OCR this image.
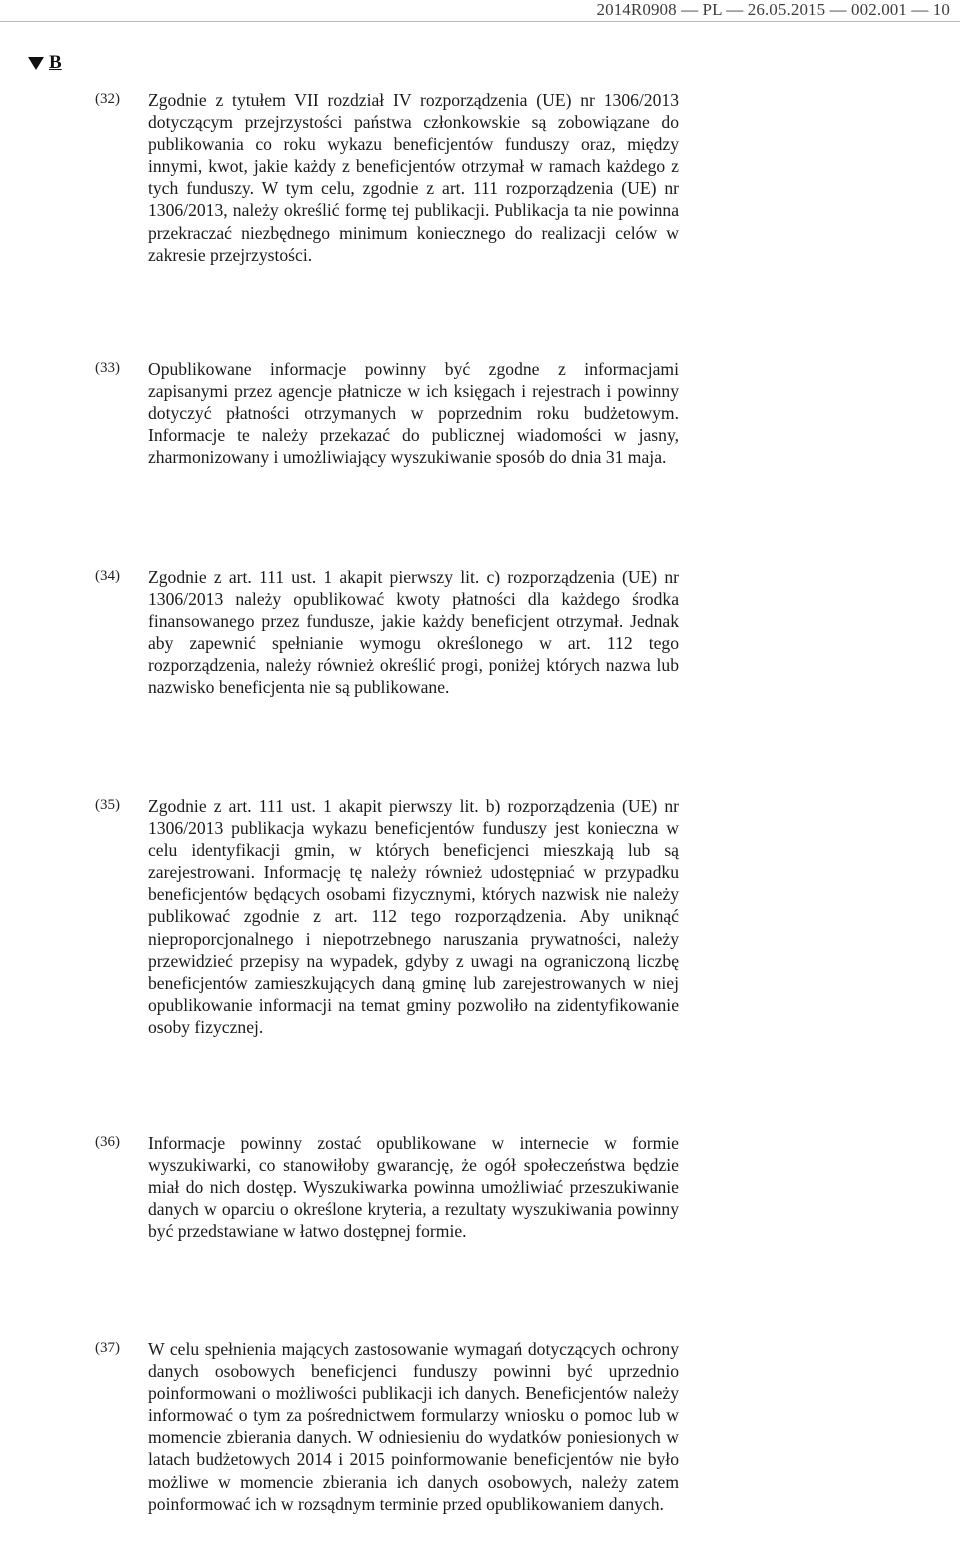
2014R0908 — PL — 26.05.2015 — 002.001 — 10
B
(32) Zgodnie z tytułem VII rozdział IV rozporządzenia (UE) nr 1306/2013 dotyczącym przejrzystości państwa członkowskie są zobowiązane do publikowania co roku wykazu beneficjentów funduszy oraz, między innymi, kwot, jakie każdy z beneficjentów otrzymał w ramach każdego z tych funduszy. W tym celu, zgodnie z art. 111 rozporządzenia (UE) nr 1306/2013, należy określić formę tej publikacji. Publikacja ta nie powinna przekraczać niezbędnego minimum koniecznego do realizacji celów w zakresie przejrzystości.
(33) Opublikowane informacje powinny być zgodne z informacjami zapisanymi przez agencje płatnicze w ich księgach i rejestrach i powinny dotyczyć płatności otrzymanych w poprzednim roku budżetowym. Informacje te należy przekazać do publicznej wiadomości w jasny, zharmonizowany i umożliwiający wyszukiwanie sposób do dnia 31 maja.
(34) Zgodnie z art. 111 ust. 1 akapit pierwszy lit. c) rozporządzenia (UE) nr 1306/2013 należy opublikować kwoty płatności dla każdego środka finansowanego przez fundusze, jakie każdy beneficjent otrzymał. Jednak aby zapewnić spełnianie wymogu określonego w art. 112 tego rozporządzenia, należy również określić progi, poniżej których nazwa lub nazwisko beneficjenta nie są publikowane.
(35) Zgodnie z art. 111 ust. 1 akapit pierwszy lit. b) rozporządzenia (UE) nr 1306/2013 publikacja wykazu beneficjentów funduszy jest konieczna w celu identyfikacji gmin, w których beneficjenci mieszkają lub są zarejestrowani. Informację tę należy również udostępniać w przypadku beneficjentów będących osobami fizycznymi, których nazwisk nie należy publikować zgodnie z art. 112 tego rozporządzenia. Aby uniknąć nieproporcjonalnego i niepotrzebnego naruszania prywatności, należy przewidzieć przepisy na wypadek, gdyby z uwagi na ograniczoną liczbę beneficjentów zamieszkujących daną gminę lub zarejestrowanych w niej opublikowanie informacji na temat gminy pozwoliło na zidentyfikowanie osoby fizycznej.
(36) Informacje powinny zostać opublikowane w internecie w formie wyszukiwarki, co stanowiłoby gwarancję, że ogół społeczeństwa będzie miał do nich dostęp. Wyszukiwarka powinna umożliwiać przeszukiwanie danych w oparciu o określone kryteria, a rezultaty wyszukiwania powinny być przedstawiane w łatwo dostępnej formie.
(37) W celu spełnienia mających zastosowanie wymagań dotyczących ochrony danych osobowych beneficjenci funduszy powinni być uprzednio poinformowani o możliwości publikacji ich danych. Beneficjentów należy informować o tym za pośrednictwem formularzy wniosku o pomoc lub w momencie zbierania danych. W odniesieniu do wydatków poniesionych w latach budżetowych 2014 i 2015 poinformowanie beneficjentów nie było możliwe w momencie zbierania ich danych osobowych, należy zatem poinformować ich w rozsądnym terminie przed opublikowaniem danych.
